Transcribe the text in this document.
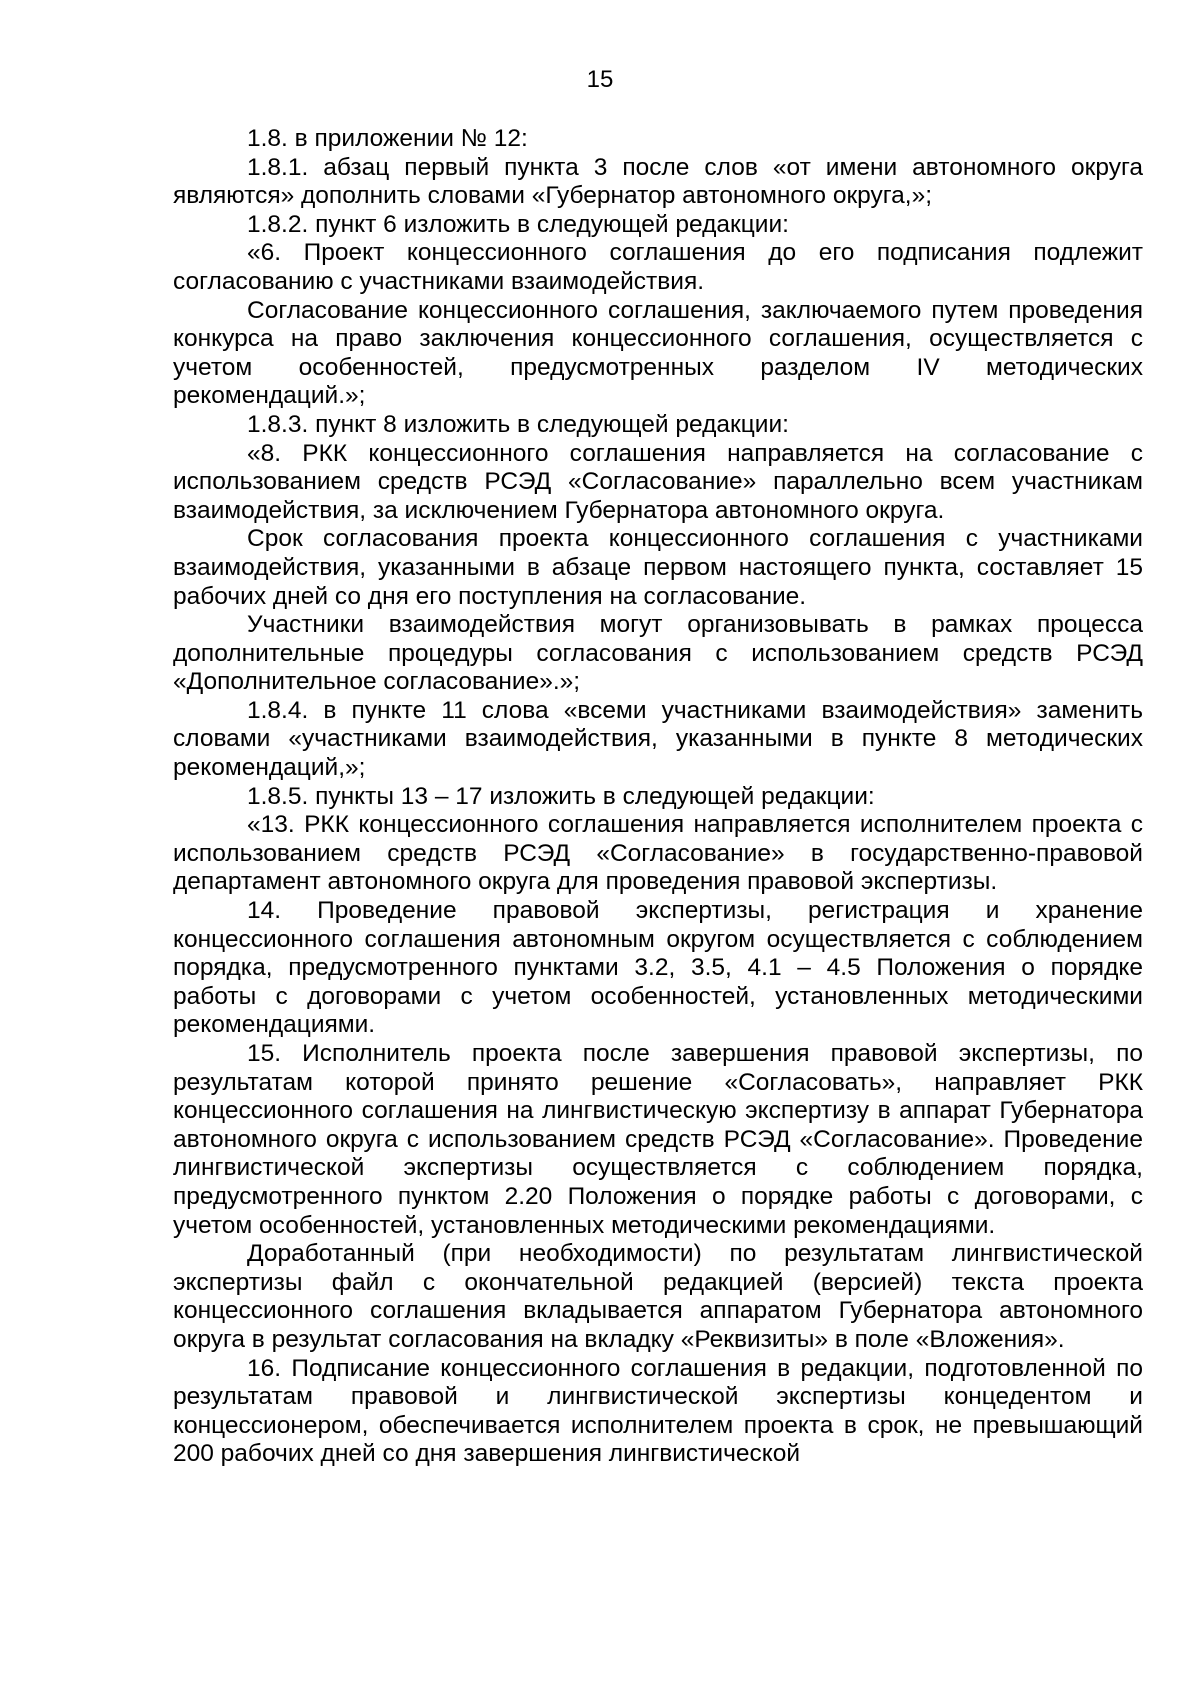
15

1.8. в приложении № 12:

1.8.1. абзац первый пункта 3 после слов «от имени автономного округа являются» дополнить словами «Губернатор автономного округа,»;

1.8.2. пункт 6 изложить в следующей редакции:

«6. Проект концессионного соглашения до его подписания подлежит согласованию с участниками взаимодействия.

Согласование концессионного соглашения, заключаемого путем проведения конкурса на право заключения концессионного соглашения, осуществляется с учетом особенностей, предусмотренных разделом IV методических рекомендаций.»;

1.8.3. пункт 8 изложить в следующей редакции:

«8. РКК концессионного соглашения направляется на согласование с использованием средств РСЭД «Согласование» параллельно всем участникам взаимодействия, за исключением Губернатора автономного округа.

Срок согласования проекта концессионного соглашения с участниками взаимодействия, указанными в абзаце первом настоящего пункта, составляет 15 рабочих дней со дня его поступления на согласование.

Участники взаимодействия могут организовывать в рамках процесса дополнительные процедуры согласования с использованием средств РСЭД «Дополнительное согласование».»;

1.8.4. в пункте 11 слова «всеми участниками взаимодействия» заменить словами «участниками взаимодействия, указанными в пункте 8 методических рекомендаций,»;

1.8.5. пункты 13 – 17 изложить в следующей редакции:

«13. РКК концессионного соглашения направляется исполнителем проекта с использованием средств РСЭД «Согласование» в государственно-правовой департамент автономного округа для проведения правовой экспертизы.

14. Проведение правовой экспертизы, регистрация и хранение концессионного соглашения автономным округом осуществляется с соблюдением порядка, предусмотренного пунктами 3.2, 3.5, 4.1 – 4.5 Положения о порядке работы с договорами с учетом особенностей, установленных методическими рекомендациями.

15. Исполнитель проекта после завершения правовой экспертизы, по результатам которой принято решение «Согласовать», направляет РКК концессионного соглашения на лингвистическую экспертизу в аппарат Губернатора автономного округа с использованием средств РСЭД «Согласование». Проведение лингвистической экспертизы осуществляется с соблюдением порядка, предусмотренного пунктом 2.20 Положения о порядке работы с договорами, с учетом особенностей, установленных методическими рекомендациями.

Доработанный (при необходимости) по результатам лингвистической экспертизы файл с окончательной редакцией (версией) текста проекта концессионного соглашения вкладывается аппаратом Губернатора автономного округа в результат согласования на вкладку «Реквизиты» в поле «Вложения».

16. Подписание концессионного соглашения в редакции, подготовленной по результатам правовой и лингвистической экспертизы концедентом и концессионером, обеспечивается исполнителем проекта в срок, не превышающий 200 рабочих дней со дня завершения лингвистической
